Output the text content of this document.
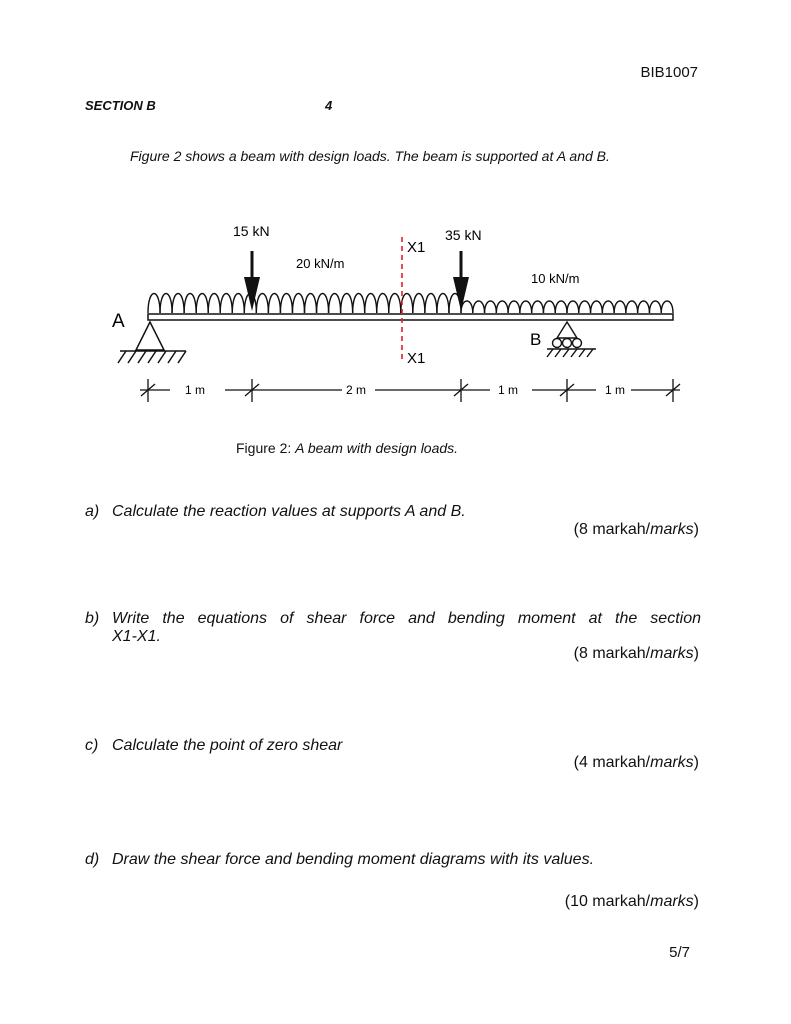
BIB1007
SECTION B	4
Figure 2 shows a beam with design loads. The beam is supported at A and B.
15 kN	35 kN
20 kN/m
10 kN/m
X1
X1
A
B
1 m	2 m	1 m	1 m
Figure 2: A beam with design loads.
a) Calculate the reaction values at supports A and B.
(8 markah/marks)
b) Write the equations of shear force and bending moment at the section
X1-X1.
(8 markah/marks)
c) Calculate the point of zero shear
(4 markah/marks)
d) Draw the shear force and bending moment diagrams with its values.
(10 markah/marks)
5/7
